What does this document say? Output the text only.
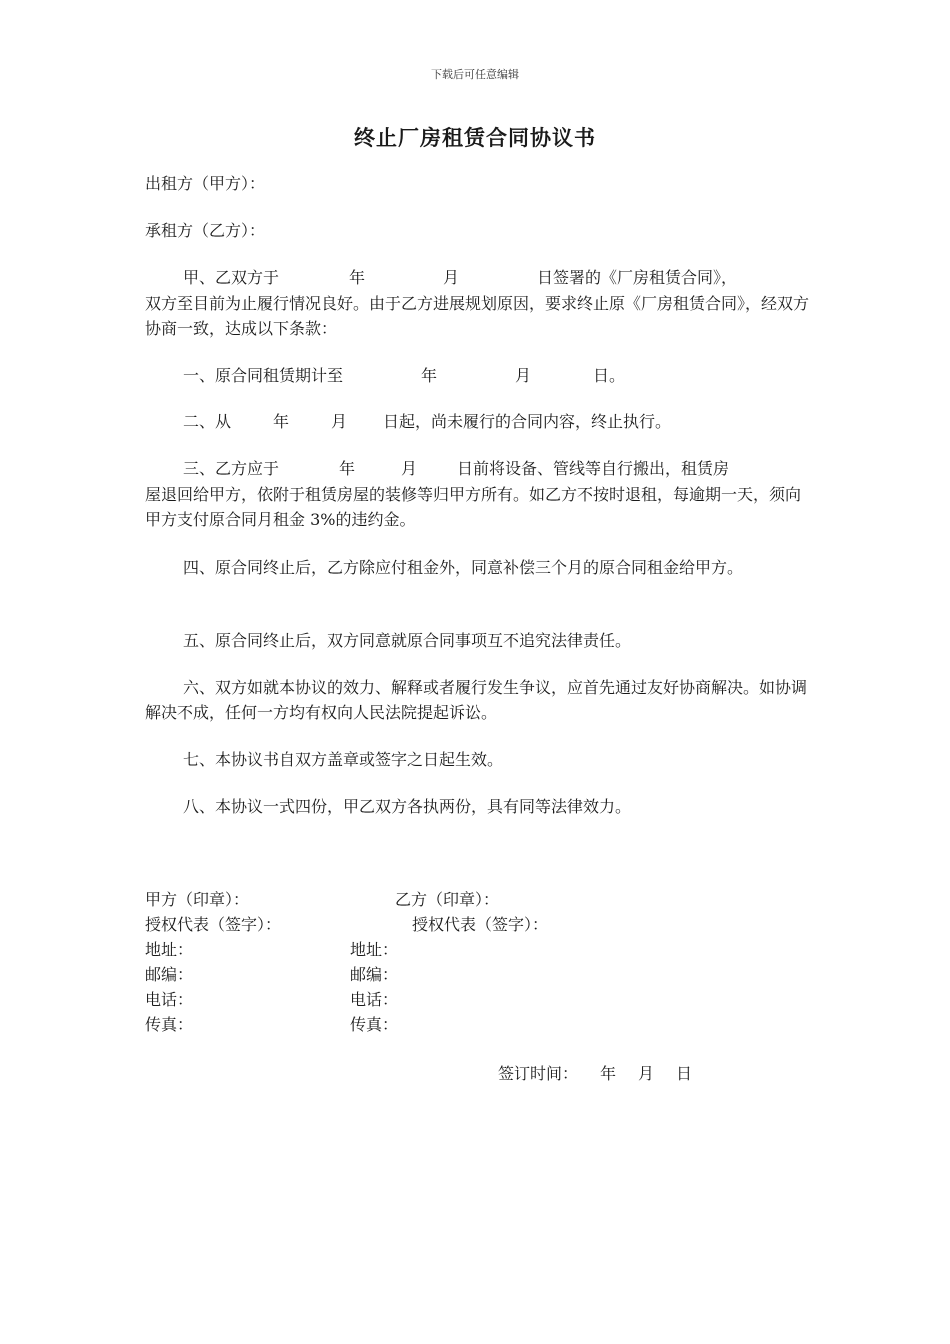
下载后可任意编辑
终止厂房租赁合同协议书
出租方（甲方）：
承租方（乙方）：
甲、乙双方于	年	月	日签署的《厂房租赁合同》，
双方至目前为止履行情况良好。由于乙方进展规划原因，要求终止原《厂房租赁合同》，经双方协商一致，达成以下条款：
一、原合同租赁期计至	年	月	日。
二、从	年	月 日起，尚未履行的合同内容，终止执行。
三、乙方应于	年	月	日前将设备、管线等自行搬出，租赁房
屋退回给甲方，依附于租赁房屋的装修等归甲方所有。如乙方不按时退租，每逾期一天，须向甲方支付原合同月租金 3%的违约金。
四、原合同终止后，乙方除应付租金外，同意补偿三个月的原合同租金给甲方。
五、原合同终止后，双方同意就原合同事项互不追究法律责任。
六、双方如就本协议的效力、解释或者履行发生争议，应首先通过友好协商解决。如协调解决不成，任何一方均有权向人民法院提起诉讼。
七、本协议书自双方盖章或签字之日起生效。
八、本协议一式四份，甲乙双方各执两份，具有同等法律效力。
甲方（印章）：	乙方（印章）：
授权代表（签字）：	授权代表（签字）：
地址：	地址：
邮编：	邮编：
电话：	电话：
传真：	传真：
签订时间： 年 月 日
